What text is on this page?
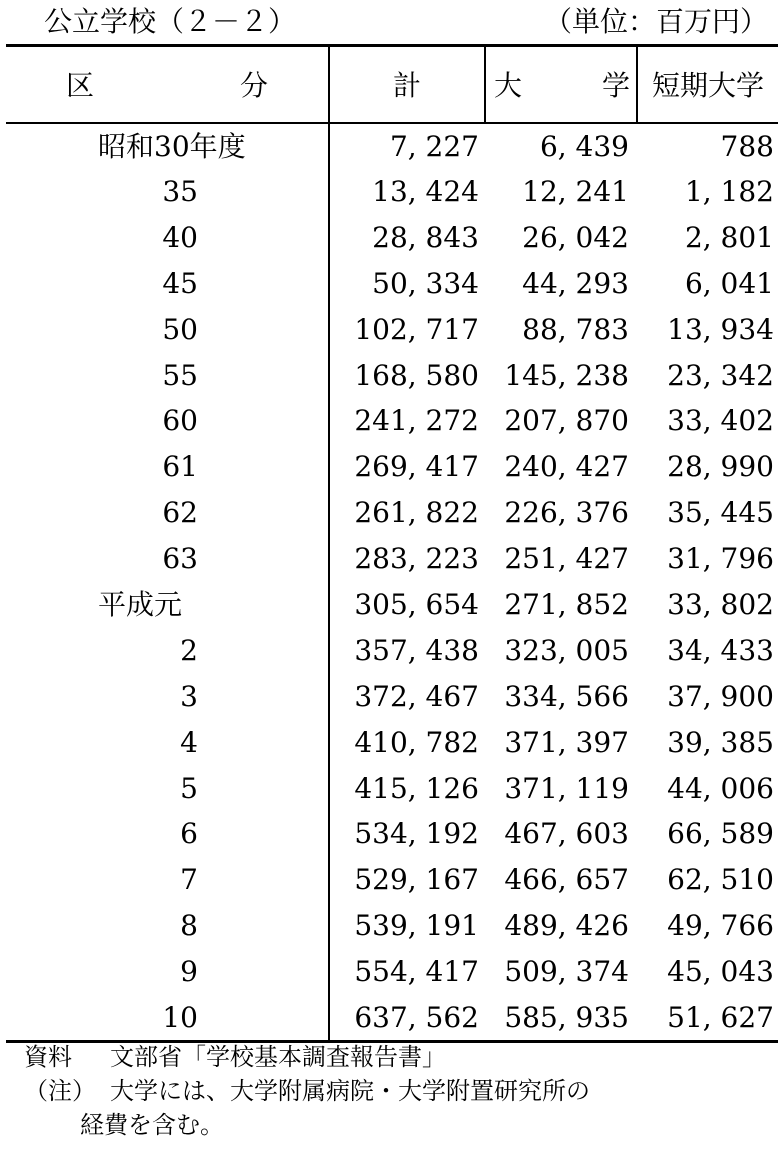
公立学校（２－２）	（単位：百万円）
区 分	計	大 学	短期大学
昭和30年度	7, 227	6, 439	788
35	13, 424	12, 241	1, 182
40	28, 843	26, 042	2, 801
45	50, 334	44, 293	6, 041
50	102, 717	88, 783	13, 934
55	168, 580	145, 238	23, 342
60	241, 272	207, 870	33, 402
61	269, 417	240, 427	28, 990
62	261, 822	226, 376	35, 445
63	283, 223	251, 427	31, 796
平成元	305, 654	271, 852	33, 802
2	357, 438	323, 005	34, 433
3	372, 467	334, 566	37, 900
4	410, 782	371, 397	39, 385
5	415, 126	371, 119	44, 006
6	534, 192	467, 603	66, 589
7	529, 167	466, 657	62, 510
8	539, 191	489, 426	49, 766
9	554, 417	509, 374	45, 043
10	637, 562	585, 935	51, 627
資料	文部省「学校基本調査報告書」
（注） 大学には、大学附属病院・大学附置研究所の
経費を含む。
